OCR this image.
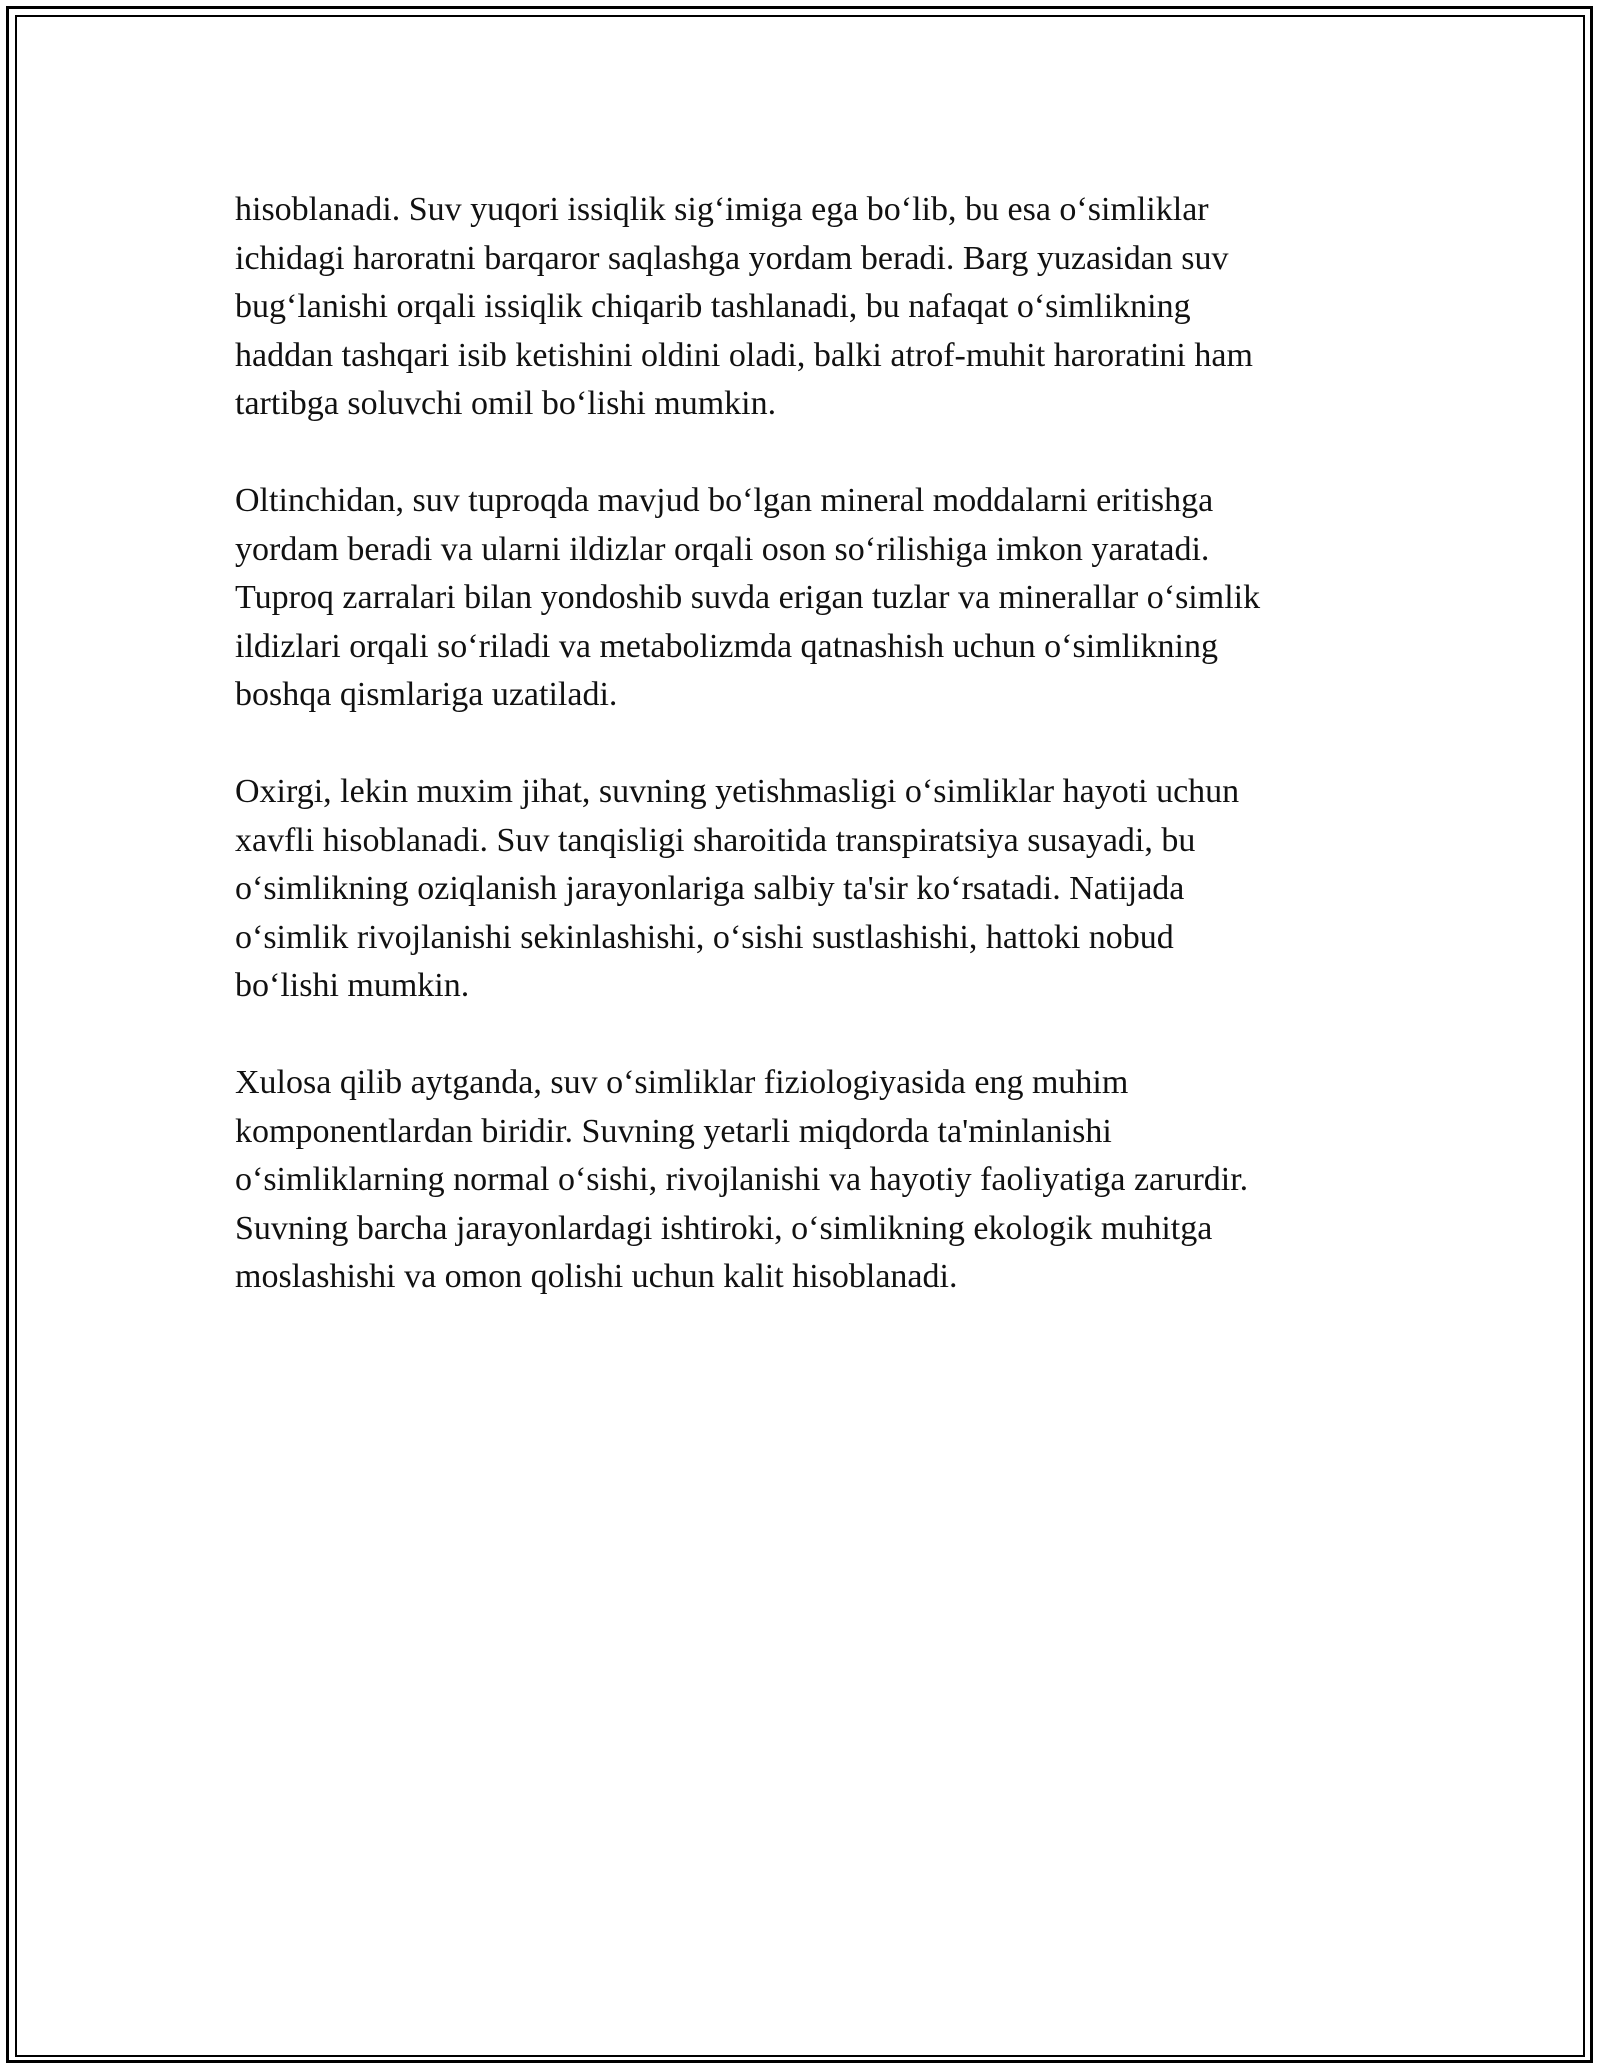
hisoblanadi. Suv yuqori issiqlik sig‘imiga ega bo‘lib, bu esa o‘simliklar
ichidagi haroratni barqaror saqlashga yordam beradi. Barg yuzasidan suv
bug‘lanishi orqali issiqlik chiqarib tashlanadi, bu nafaqat o‘simlikning
haddan tashqari isib ketishini oldini oladi, balki atrof-muhit haroratini ham
tartibga soluvchi omil bo‘lishi mumkin.

Oltinchidan, suv tuproqda mavjud bo‘lgan mineral moddalarni eritishga
yordam beradi va ularni ildizlar orqali oson so‘rilishiga imkon yaratadi.
Tuproq zarralari bilan yondoshib suvda erigan tuzlar va minerallar o‘simlik
ildizlari orqali so‘riladi va metabolizmda qatnashish uchun o‘simlikning
boshqa qismlariga uzatiladi.

Oxirgi, lekin muxim jihat, suvning yetishmasligi o‘simliklar hayoti uchun
xavfli hisoblanadi. Suv tanqisligi sharoitida transpiratsiya susayadi, bu
o‘simlikning oziqlanish jarayonlariga salbiy ta'sir ko‘rsatadi. Natijada
o‘simlik rivojlanishi sekinlashishi, o‘sishi sustlashishi, hattoki nobud
bo‘lishi mumkin.

Xulosa qilib aytganda, suv o‘simliklar fiziologiyasida eng muhim
komponentlardan biridir. Suvning yetarli miqdorda ta'minlanishi
o‘simliklarning normal o‘sishi, rivojlanishi va hayotiy faoliyatiga zarurdir.
Suvning barcha jarayonlardagi ishtiroki, o‘simlikning ekologik muhitga
moslashishi va omon qolishi uchun kalit hisoblanadi.
